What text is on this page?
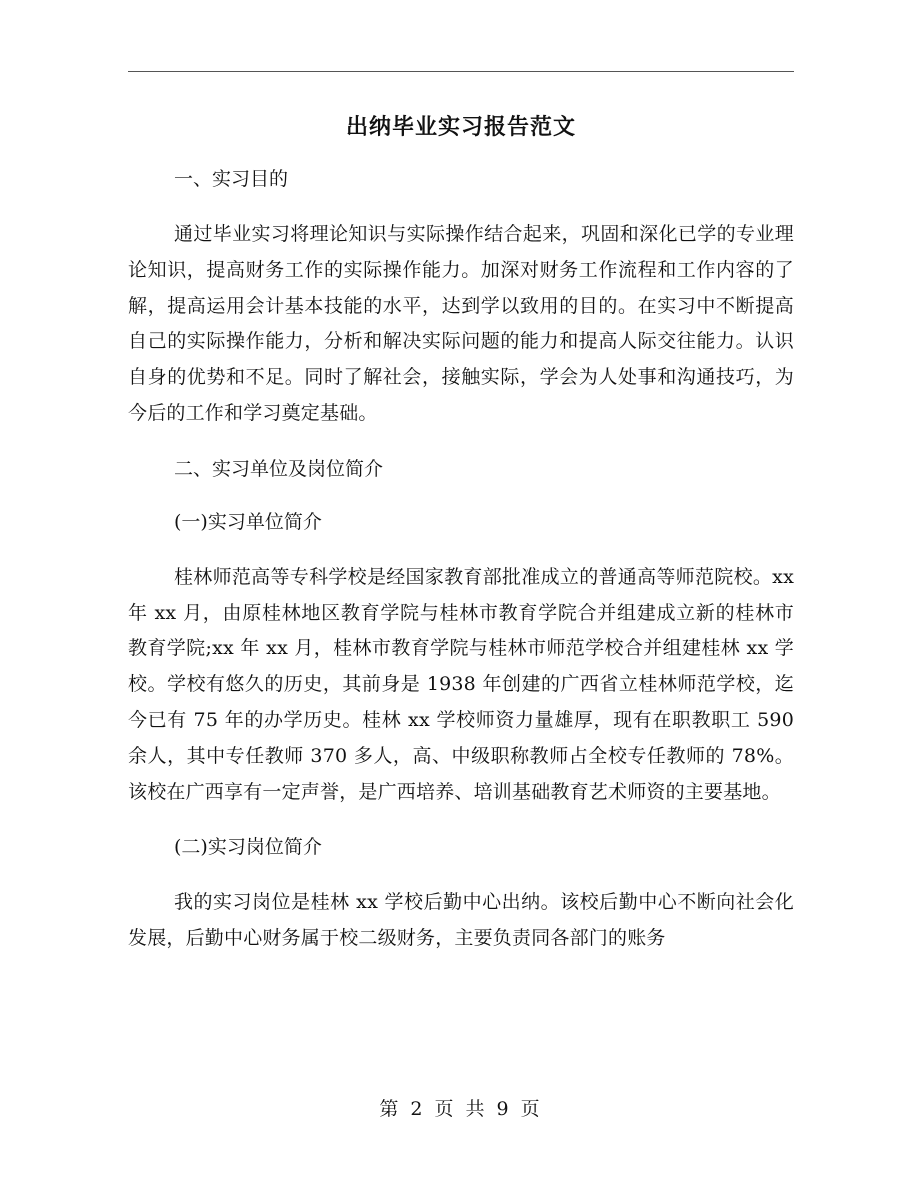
出纳毕业实习报告范文
一、实习目的
通过毕业实习将理论知识与实际操作结合起来，巩固和深化已学的专业理论知识，提高财务工作的实际操作能力。加深对财务工作流程和工作内容的了解，提高运用会计基本技能的水平，达到学以致用的目的。在实习中不断提高自己的实际操作能力，分析和解决实际问题的能力和提高人际交往能力。认识自身的优势和不足。同时了解社会，接触实际，学会为人处事和沟通技巧，为今后的工作和学习奠定基础。
二、实习单位及岗位简介
(一)实习单位简介
桂林师范高等专科学校是经国家教育部批准成立的普通高等师范院校。xx 年 xx 月，由原桂林地区教育学院与桂林市教育学院合并组建成立新的桂林市教育学院;xx 年 xx 月，桂林市教育学院与桂林市师范学校合并组建桂林 xx 学校。学校有悠久的历史，其前身是 1938 年创建的广西省立桂林师范学校，迄今已有 75 年的办学历史。桂林 xx 学校师资力量雄厚，现有在职教职工 590 余人，其中专任教师 370 多人，高、中级职称教师占全校专任教师的 78%。该校在广西享有一定声誉，是广西培养、培训基础教育艺术师资的主要基地。
(二)实习岗位简介
我的实习岗位是桂林 xx 学校后勤中心出纳。该校后勤中心不断向社会化发展，后勤中心财务属于校二级财务，主要负责同各部门的账务
第 2 页 共 9 页
